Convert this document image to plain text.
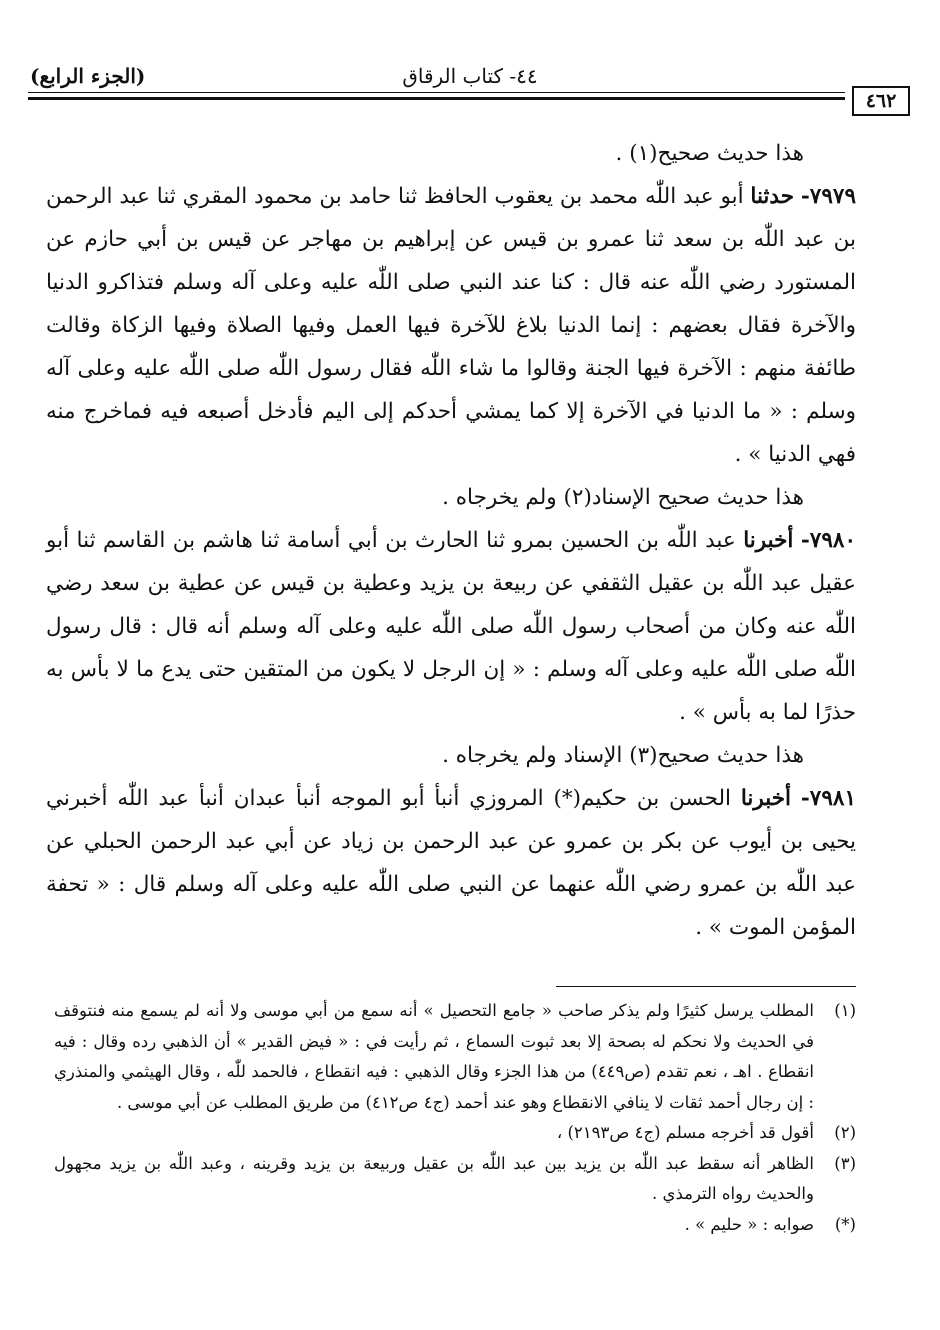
(الجزء الرابع)	٤٤- كتاب الرقاق
٤٦٢

هذا حديث صحيح(١) .

٧٩٧٩- حدثنا أبو عبد اللّٰه محمد بن يعقوب الحافظ ثنا حامد بن محمود المقري ثنا عبد الرحمن بن عبد اللّٰه بن سعد ثنا عمرو بن قيس عن إبراهيم بن مهاجر عن قيس بن أبي حازم عن المستورد رضي اللّٰه عنه قال : كنا عند النبي صلى اللّٰه عليه وعلى آله وسلم فتذاكرو الدنيا والآخرة فقال بعضهم : إنما الدنيا بلاغ للآخرة فيها العمل وفيها الصلاة وفيها الزكاة وقالت طائفة منهم : الآخرة فيها الجنة وقالوا ما شاء اللّٰه فقال رسول اللّٰه صلى اللّٰه عليه وعلى آله وسلم : « ما الدنيا في الآخرة إلا كما يمشي أحدكم إلى اليم فأدخل أصبعه فيه فماخرج منه فهي الدنيا » .

هذا حديث صحيح الإسناد(٢) ولم يخرجاه .

٧٩٨٠- أخبرنا عبد اللّٰه بن الحسين بمرو ثنا الحارث بن أبي أسامة ثنا هاشم بن القاسم ثنا أبو عقيل عبد اللّٰه بن عقيل الثقفي عن ربيعة بن يزيد وعطية بن قيس عن عطية بن سعد رضي اللّٰه عنه وكان من أصحاب رسول اللّٰه صلى اللّٰه عليه وعلى آله وسلم أنه قال : قال رسول اللّٰه صلى اللّٰه عليه وعلى آله وسلم : « إن الرجل لا يكون من المتقين حتى يدع ما لا بأس به حذرًا لما به بأس » .

هذا حديث صحيح(٣) الإسناد ولم يخرجاه .

٧٩٨١- أخبرنا الحسن بن حكيم(*) المروزي أنبأ أبو الموجه أنبأ عبدان أنبأ عبد اللّٰه أخبرني يحيى بن أيوب عن بكر بن عمرو عن عبد الرحمن بن زياد عن أبي عبد الرحمن الحبلي عن عبد اللّٰه بن عمرو رضي اللّٰه عنهما عن النبي صلى اللّٰه عليه وعلى آله وسلم قال : « تحفة المؤمن الموت » .

(١)
المطلب يرسل كثيرًا ولم يذكر صاحب « جامع التحصيل » أنه سمع من أبي موسى ولا أنه لم يسمع منه فنتوقف في الحديث ولا نحكم له بصحة إلا بعد ثبوت السماع ، ثم رأيت في : « فيض القدير » أن الذهبي رده وقال : فيه انقطاع . اهـ ، نعم تقدم (ص٤٤٩) من هذا الجزء وقال الذهبي : فيه انقطاع ، فالحمد للّٰه ، وقال الهيثمي والمنذري : إن رجال أحمد ثقات لا ينافي الانقطاع وهو عند أحمد (ج٤ ص٤١٢) من طريق المطلب عن أبي موسى .
(٢)
أقول قد أخرجه مسلم (ج٤ ص٢١٩٣) ،
(٣)
الظاهر أنه سقط عبد اللّٰه بن يزيد بين عبد اللّٰه بن عقيل وربيعة بن يزيد وقرينه ، وعبد اللّٰه بن يزيد مجهول والحديث رواه الترمذي .
(*)
صوابه : « حليم » .
